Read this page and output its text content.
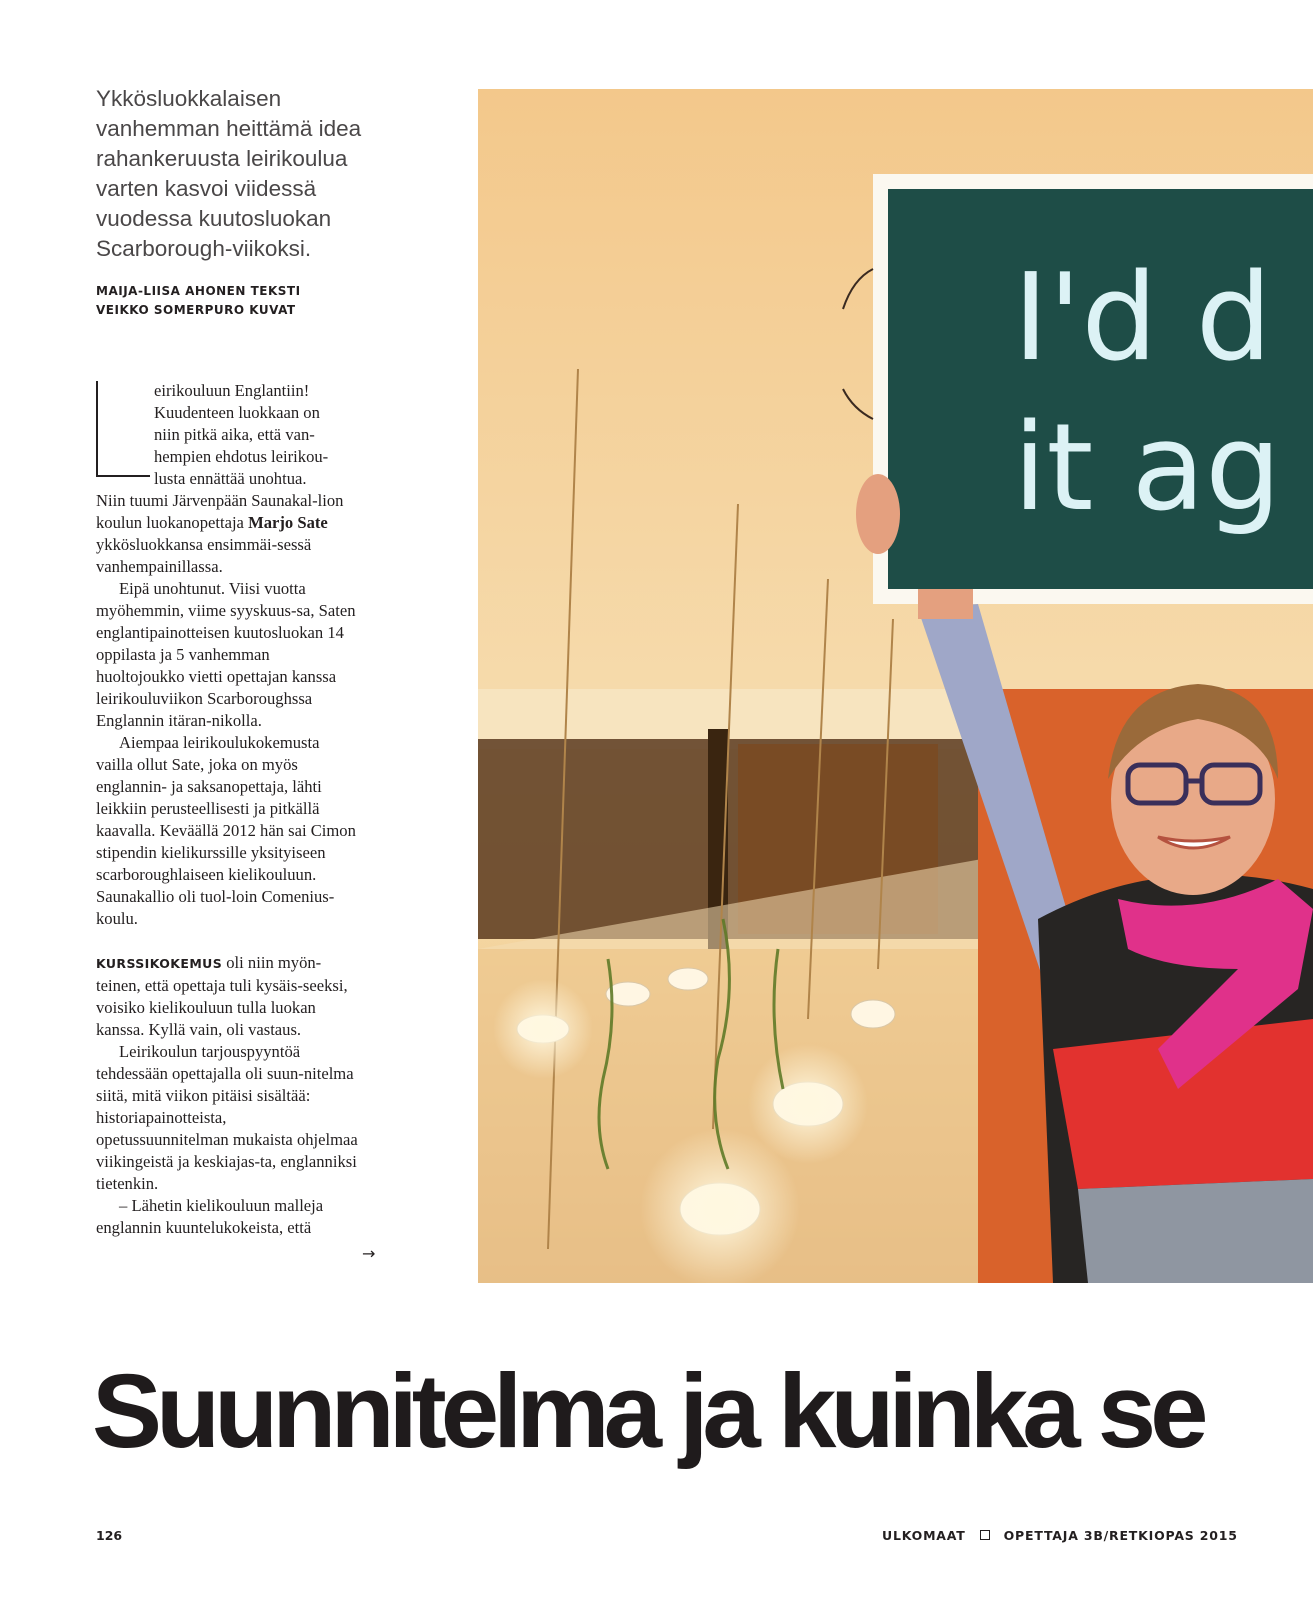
Ykkösluokkalaisen vanhemman heittämä idea rahankeruusta leirikoulua varten kasvoi viidessä vuodessa kuutosluokan Scarborough-viikoksi.

MAIJA-LIISA AHONEN TEKSTI
VEIKKO SOMERPURO KUVAT

eirikouluun Englantiin!
Kuudenteen luokkaan on
niin pitkä aika, että van-
hempien ehdotus leirikou-
lusta ennättää unohtua.
Niin tuumi Järvenpään Saunakal-lion koulun luokanopettaja Marjo Sate ykkösluokkansa ensimmäi-sessä vanhempainillassa.

Eipä unohtunut. Viisi vuotta myöhemmin, viime syyskuus-sa, Saten englantipainotteisen kuutosluokan 14 oppilasta ja 5 vanhemman huoltojoukko vietti opettajan kanssa leirikouluviikon Scarboroughssa Englannin itäran-nikolla.

Aiempaa leirikoulukokemusta vailla ollut Sate, joka on myös englannin- ja saksanopettaja, lähti leikkiin perusteellisesti ja pitkällä kaavalla. Keväällä 2012 hän sai Cimon stipendin kielikurssille yksityiseen scarboroughlaiseen kielikouluun. Saunakallio oli tuol-loin Comenius-koulu.

KURSSIKOKEMUS oli niin myön-teinen, että opettaja tuli kysäis-seeksi, voisiko kielikouluun tulla luokan kanssa. Kyllä vain, oli vastaus.

Leirikoulun tarjouspyyntöä tehdessään opettajalla oli suun-nitelma siitä, mitä viikon pitäisi sisältää: historiapainotteista, opetussuunnitelman mukaista ohjelmaa viikingeistä ja keskiajas-ta, englanniksi tietenkin.

– Lähetin kielikouluun malleja englannin kuuntelukokeista, että

→
I'd d
it ag
Suunnitelma ja kuinka se
126	ULKOMAAT	OPETTAJA 3B/RETKIOPAS 2015
